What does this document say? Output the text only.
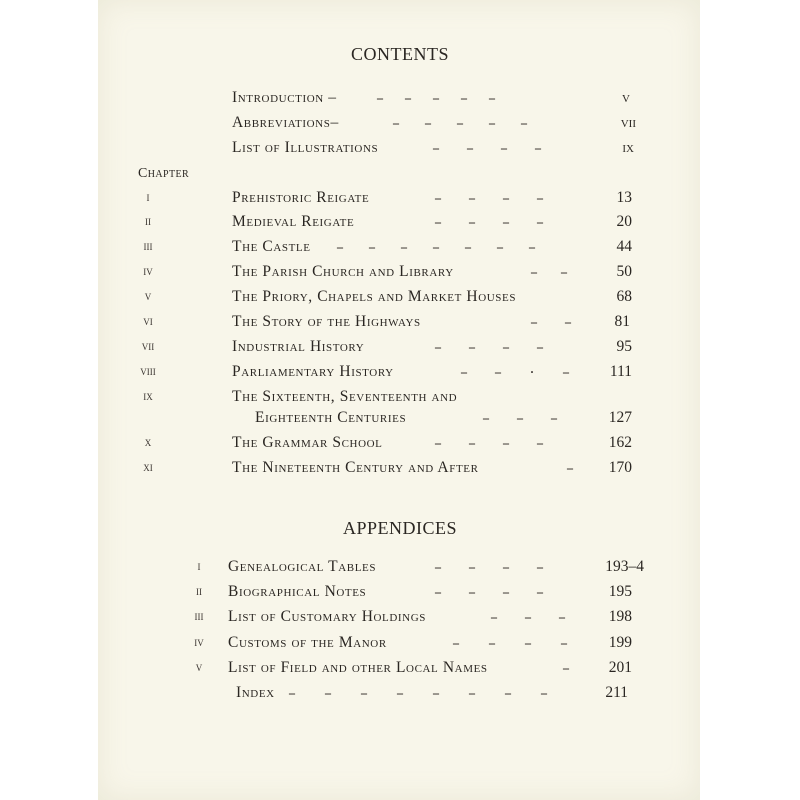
CONTENTS
Introduction –	– – – – –	v
Abbreviations–	– – – – –	vii
List of Illustrations	– – – –	ix
Chapter
i	Prehistoric Reigate	– – – –	13
ii	Medieval Reigate	– – – –	20
iii	The Castle – – – – – – –	44
iv	The Parish Church and Library	– –	50
v	The Priory, Chapels and Market Houses	68
vi	The Story of the Highways	– –	81
vii	Industrial History	– – – –	95
viii	Parliamentary History	– – · –	111
ix	The Sixteenth, Seventeenth and
Eighteenth Centuries	– – –	127
x	The Grammar School	– – – –	162
xi	The Nineteenth Century and After	– 170
APPENDICES
i	Genealogical Tables	– – – –	193–4
ii	Biographical Notes	– – – –	195
iii	List of Customary Holdings	– – –	198
iv	Customs of the Manor	– – – –	199
v	List of Field and other Local Names	–	201
Index – – – – – – – –	211
